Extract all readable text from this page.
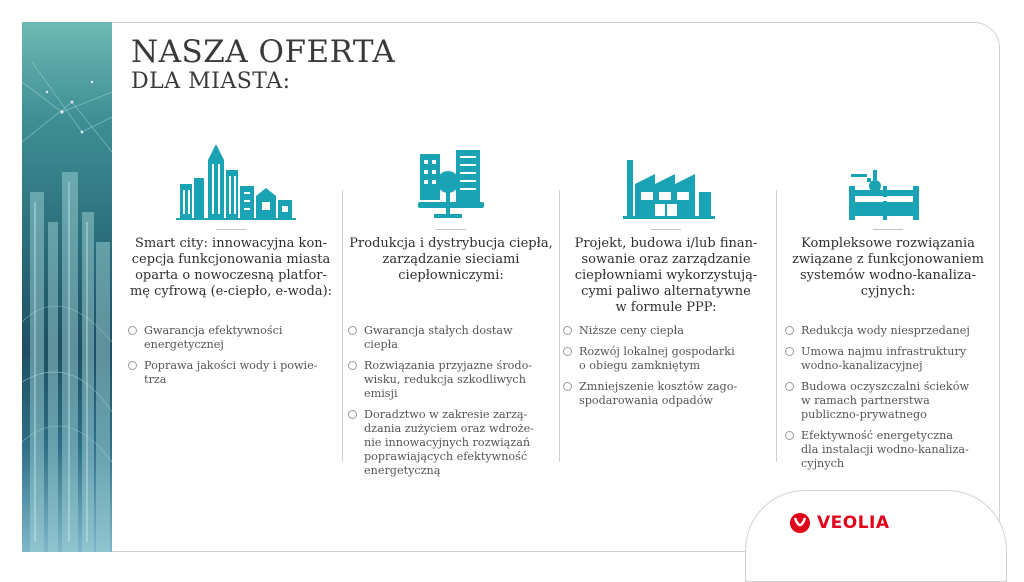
NASZA OFERTA
DLA MIASTA:
Smart city: innowacyjna kon-
cepcja funkcjonowania miasta
oparta o nowoczesną platfor-
mę cyfrową (e-ciepło, e-woda):
Gwarancja efektywności
energetycznej
Poprawa jakości wody i powie-
trza
Produkcja i dystrybucja ciepła,
zarządzanie sieciami
ciepłowniczymi:
Gwarancja stałych dostaw
ciepła
Rozwiązania przyjazne środo-
wisku, redukcja szkodliwych
emisji
Doradztwo w zakresie zarzą-
dzania zużyciem oraz wdroże-
nie innowacyjnych rozwiązań
poprawiających efektywność
energetyczną
Projekt, budowa i/lub finan-
sowanie oraz zarządzanie
ciepłowniami wykorzystują-
cymi paliwo alternatywne
w formule PPP:
Niższe ceny ciepła
Rozwój lokalnej gospodarki
o obiegu zamkniętym
Zmniejszenie kosztów zago-
spodarowania odpadów
Kompleksowe rozwiązania
związane z funkcjonowaniem
systemów wodno-kanaliza-
cyjnych:
Redukcja wody niesprzedanej
Umowa najmu infrastruktury
wodno-kanalizacyjnej
Budowa oczyszczalni ścieków
w ramach partnerstwa
publiczno-prywatnego
Efektywność energetyczna
dla instalacji wodno-kanaliza-
cyjnych
VEOLIA
